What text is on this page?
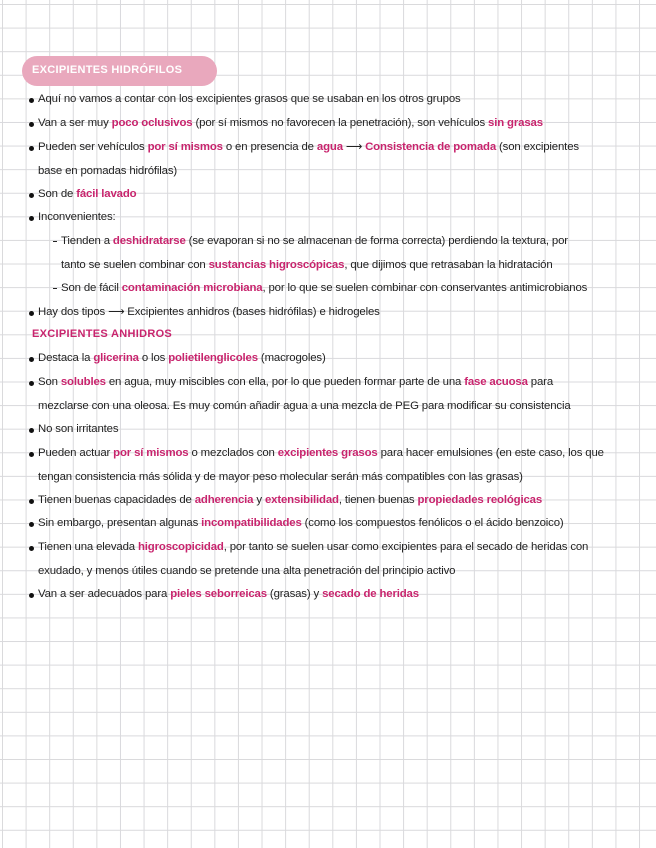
EXCIPIENTES HIDRÓFILOS
Aquí no vamos a contar con los excipientes grasos que se usaban en los otros grupos
Van a ser muy poco oclusivos (por sí mismos no favorecen la penetración), son vehículos sin grasas
Pueden ser vehículos por sí mismos o en presencia de agua ⟶ Consistencia de pomada (son excipientes
base en pomadas hidrófilas)
Son de fácil lavado
Inconvenientes:
Tienden a deshidratarse (se evaporan si no se almacenan de forma correcta) perdiendo la textura, por
tanto se suelen combinar con sustancias higroscópicas, que dijimos que retrasaban la hidratación
Son de fácil contaminación microbiana, por lo que se suelen combinar con conservantes antimicrobianos
Hay dos tipos ⟶ Excipientes anhidros (bases hidrófilas) e hidrogeles
EXCIPIENTES ANHIDROS
Destaca la glicerina o los polietilenglicoles (macrogoles)
Son solubles en agua, muy miscibles con ella, por lo que pueden formar parte de una fase acuosa para
mezclarse con una oleosa. Es muy común añadir agua a una mezcla de PEG para modificar su consistencia
No son irritantes
Pueden actuar por sí mismos o mezclados con excipientes grasos para hacer emulsiones (en este caso, los que
tengan consistencia más sólida y de mayor peso molecular serán más compatibles con las grasas)
Tienen buenas capacidades de adherencia y extensibilidad, tienen buenas propiedades reológicas
Sin embargo, presentan algunas incompatibilidades (como los compuestos fenólicos o el ácido benzoico)
Tienen una elevada higroscopicidad, por tanto se suelen usar como excipientes para el secado de heridas con
exudado, y menos útiles cuando se pretende una alta penetración del principio activo
Van a ser adecuados para pieles seborreicas (grasas) y secado de heridas
